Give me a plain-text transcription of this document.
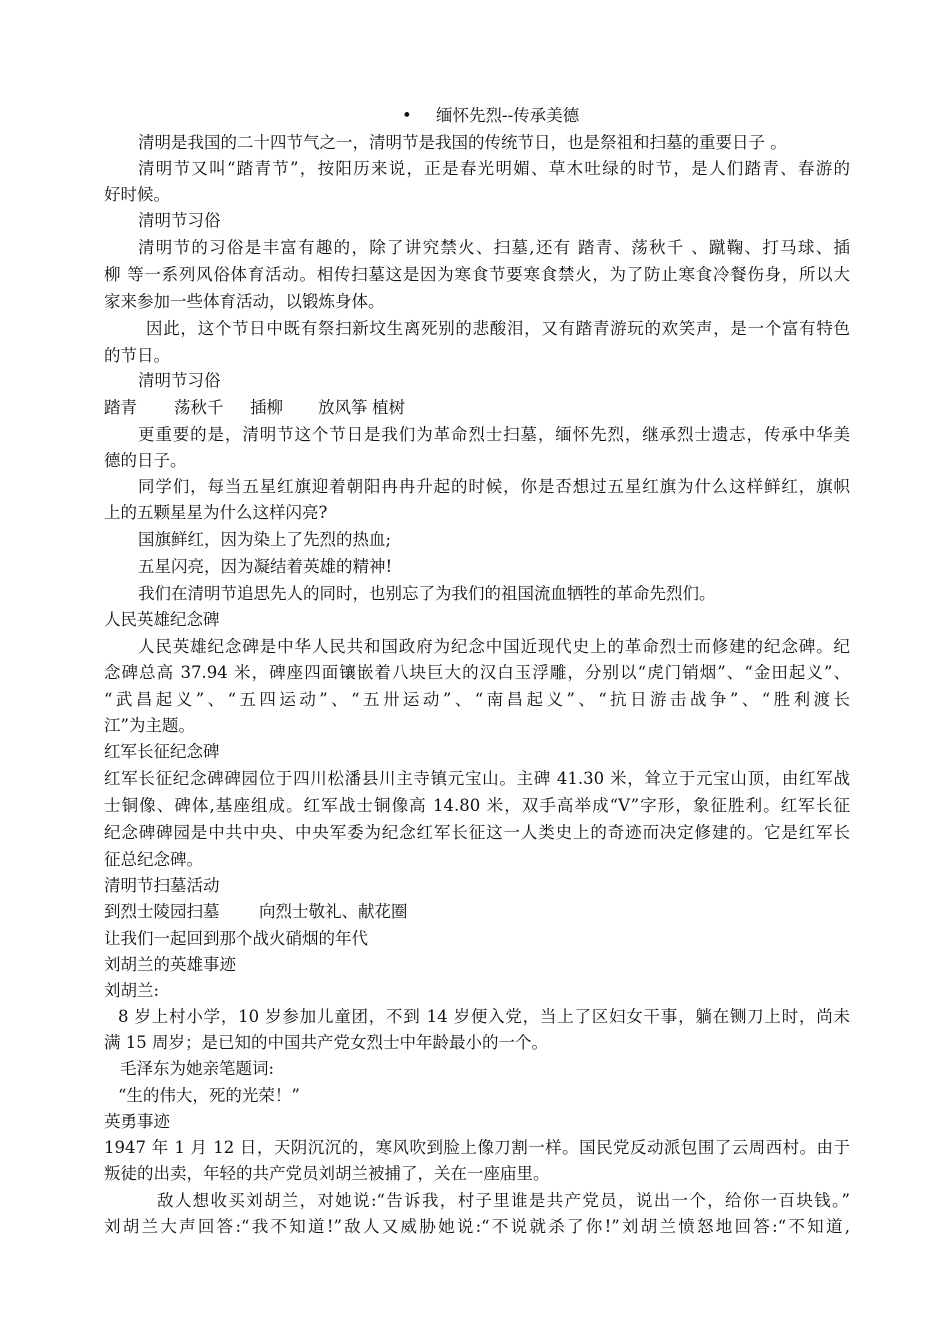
• 缅怀先烈--传承美德
清明是我国的二十四节气之一，清明节是我国的传统节日，也是祭祖和扫墓的重要日子 。
清明节又叫“踏青节”，按阳历来说，正是春光明媚、草木吐绿的时节，是人们踏青、春游的
好时候。
清明节习俗
清明节的习俗是丰富有趣的，除了讲究禁火、扫墓,还有 踏青、荡秋千 、蹴鞠、打马球、插
柳 等一系列风俗体育活动。相传扫墓这是因为寒食节要寒食禁火，为了防止寒食冷餐伤身，所以大
家来参加一些体育活动，以锻炼身体。
因此，这个节日中既有祭扫新坟生离死别的悲酸泪，又有踏青游玩的欢笑声，是一个富有特色
的节日。
清明节习俗
踏青 荡秋千 插柳 放风筝 植树
更重要的是，清明节这个节日是我们为革命烈士扫墓，缅怀先烈，继承烈士遗志，传承中华美
德的日子。
同学们，每当五星红旗迎着朝阳冉冉升起的时候，你是否想过五星红旗为什么这样鲜红，旗帜
上的五颗星星为什么这样闪亮?
国旗鲜红，因为染上了先烈的热血;
五星闪亮，因为凝结着英雄的精神!
我们在清明节追思先人的同时，也别忘了为我们的祖国流血牺牲的革命先烈们。
人民英雄纪念碑
人民英雄纪念碑是中华人民共和国政府为纪念中国近现代史上的革命烈士而修建的纪念碑。纪
念碑总高 37.94 米，碑座四面镶嵌着八块巨大的汉白玉浮雕，分别以“虎门销烟”、“金田起义”、
“武昌起义”、“五四运动”、“五卅运动”、“南昌起义”、“抗日游击战争”、“胜利渡长
江”为主题。
红军长征纪念碑
红军长征纪念碑碑园位于四川松潘县川主寺镇元宝山。主碑 41.30 米，耸立于元宝山顶，由红军战
士铜像、碑体,基座组成。红军战士铜像高 14.80 米，双手高举成“V”字形，象征胜利。红军长征
纪念碑碑园是中共中央、中央军委为纪念红军长征这一人类史上的奇迹而决定修建的。它是红军长
征总纪念碑。
清明节扫墓活动
到烈士陵园扫墓 向烈士敬礼、献花圈
让我们一起回到那个战火硝烟的年代
刘胡兰的英雄事迹
刘胡兰:
8 岁上村小学，10 岁参加儿童团，不到 14 岁便入党，当上了区妇女干事，躺在铡刀上时，尚未
满 15 周岁；是已知的中国共产党女烈士中年龄最小的一个。
毛泽东为她亲笔题词:
“生的伟大，死的光荣！”
英勇事迹
1947 年 1 月 12 日，天阴沉沉的，寒风吹到脸上像刀割一样。国民党反动派包围了云周西村。由于
叛徒的出卖，年轻的共产党员刘胡兰被捕了，关在一座庙里。
敌人想收买刘胡兰，对她说:“告诉我，村子里谁是共产党员，说出一个，给你一百块钱。”
刘胡兰大声回答:“我不知道!”敌人又威胁她说:“不说就杀了你!”刘胡兰愤怒地回答:“不知道,
